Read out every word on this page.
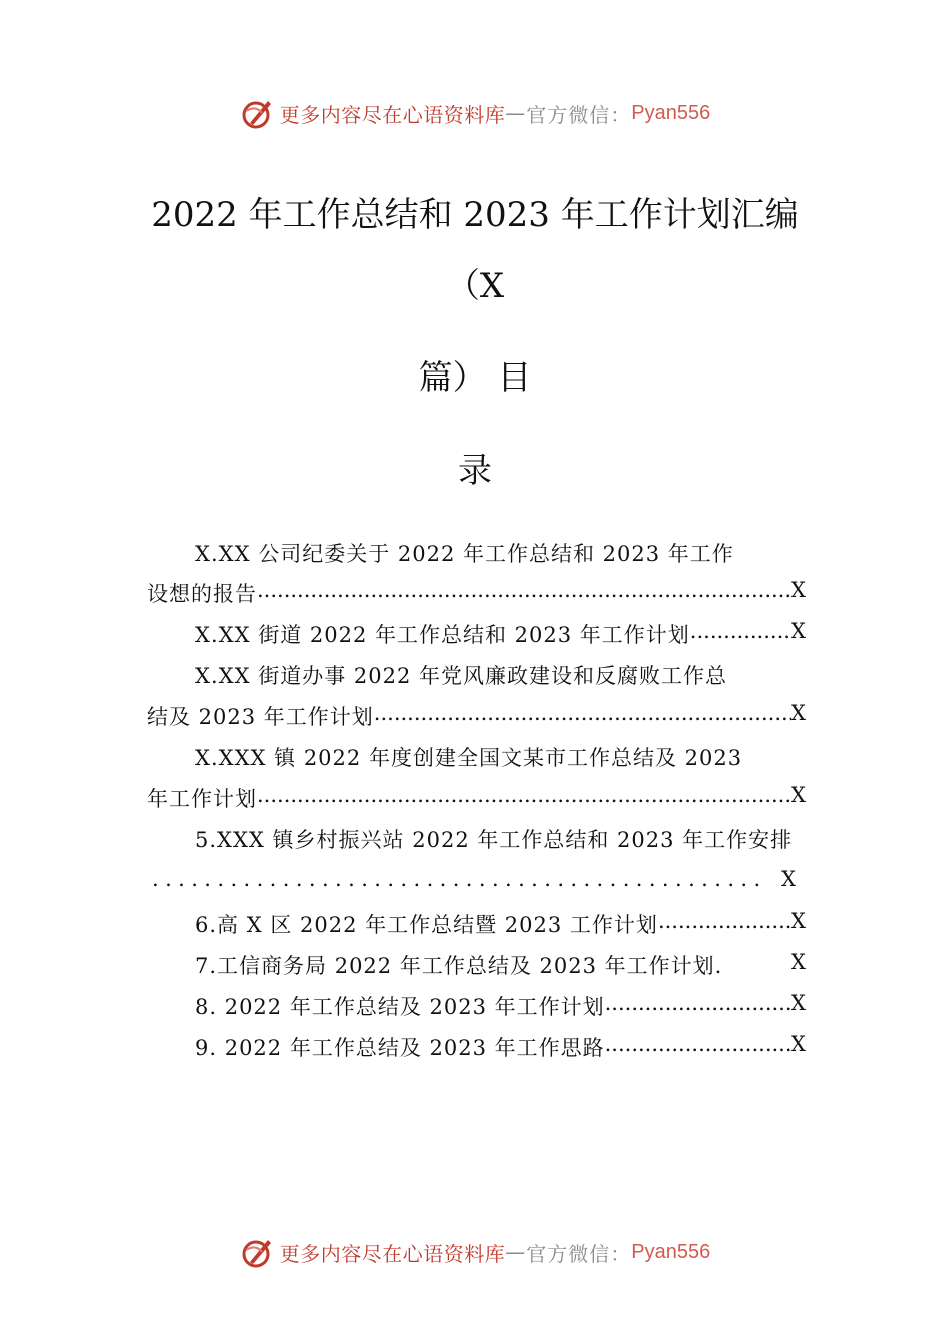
更多内容尽在心语资料库 — 官方微信： Pyan556
2022 年工作总结和 2023 年工作计划汇编
（X
篇） 目
录
X.XX 公司纪委关于 2022 年工作总结和 2023 年工作
设想的报告 .....	X
X.XX 街道 2022 年工作总结和 2023 年工作计划 .....	X
X.XX 街道办事 2022 年党风廉政建设和反腐败工作总
结及 2023 年工作计划 .....	X
X.XXX 镇 2022 年度创建全国文某市工作总结及 2023
年工作计划 .....	X
5.XXX 镇乡村振兴站 2022 年工作总结和 2023 年工作安排
............................................... X
6.高 X 区 2022 年工作总结暨 2023 工作计划 .....	X
7.工信商务局 2022 年工作总结及 2023 年工作计划.	X
8. 2022 年工作总结及 2023 年工作计划 .....	X
9. 2022 年工作总结及 2023 年工作思路 .....	X
更多内容尽在心语资料库 — 官方微信： Pyan556
